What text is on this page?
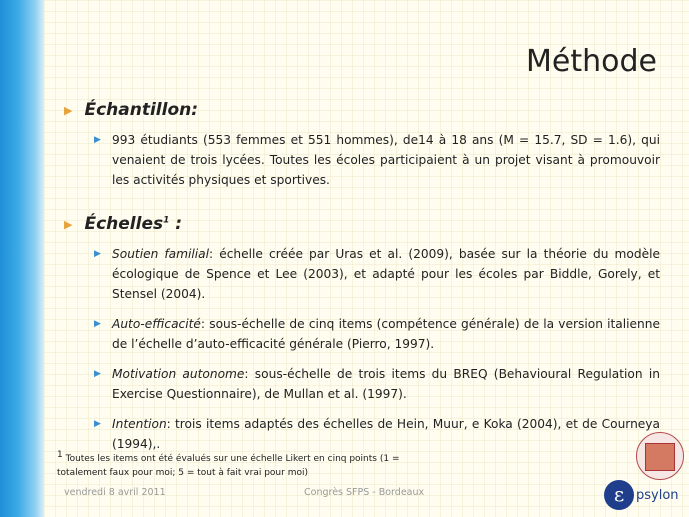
Méthode
▶ Échantillon:
▶ 993 étudiants (553 femmes et 551 hommes), de14 à 18 ans (M = 15.7, SD = 1.6), qui venaient de trois lycées. Toutes les écoles participaient à un projet visant à promouvoir les activités physiques et sportives.
▶ Échelles$^1$ :
▶ Soutien familial: échelle créée par Uras et al. (2009), basée sur la théorie du modèle écologique de Spence et Lee (2003), et adapté pour les écoles par Biddle, Gorely, et Stensel (2004).
▶ Auto-efficacité: sous-échelle de cinq items (compétence générale) de la version italienne de l’échelle d’auto-efficacité générale (Pierro, 1997).
▶ Motivation autonome: sous-échelle de trois items du BREQ (Behavioural Regulation in Exercise Questionnaire), de Mullan et al. (1997).
▶ Intention: trois items adaptés des échelles de Hein, Muur, e Koka (2004), et de Courneya (1994),.
$^1$ Toutes les items ont été évalués sur une échelle Likert en cinq points (1 = totalement faux pour moi; 5 = tout à fait vrai pour moi)
vendredi 8 avril 2011	Congrès SFPS - Bordeaux	ε psylon
